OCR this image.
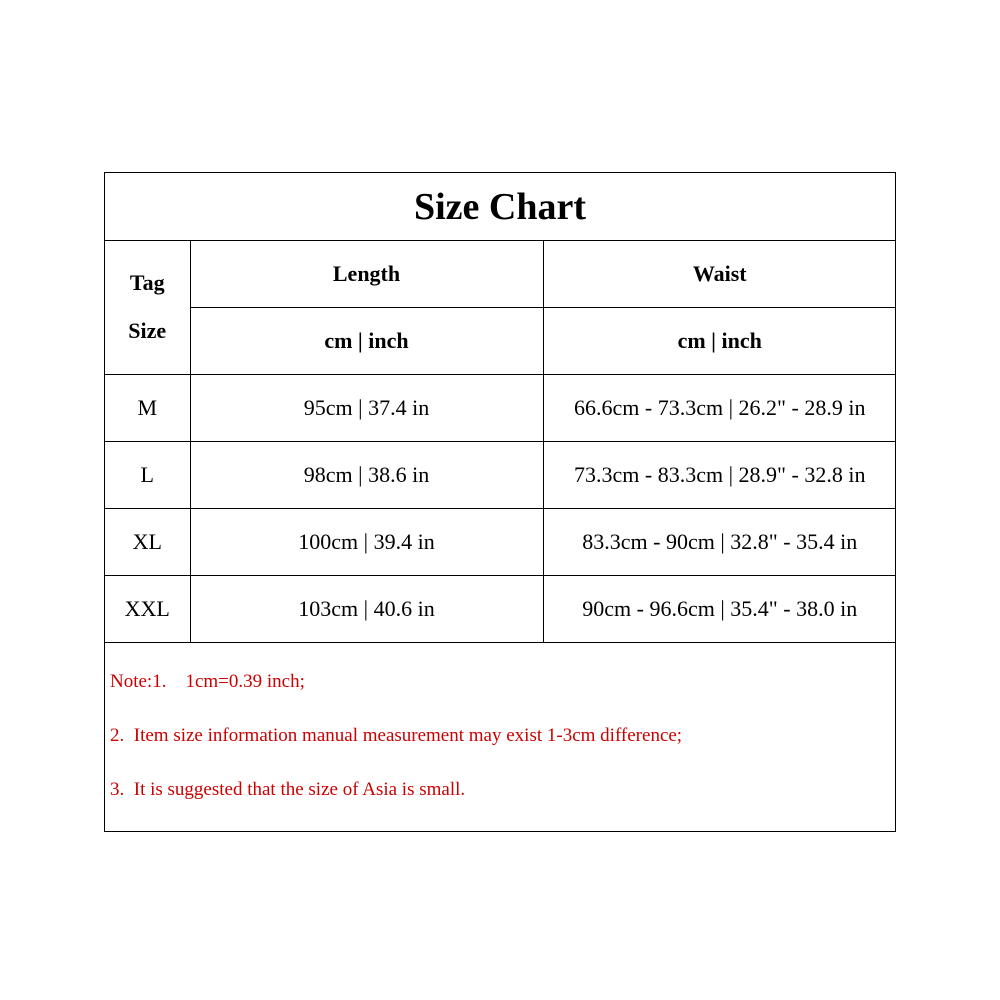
Size Chart
Tag
Size	Length	Waist
	cm | inch	cm | inch
M	95cm | 37.4 in	66.6cm - 73.3cm | 26.2" - 28.9 in
L	98cm | 38.6 in	73.3cm - 83.3cm | 28.9" - 32.8 in
XL	100cm | 39.4 in	83.3cm - 90cm | 32.8" - 35.4 in
XXL	103cm | 40.6 in	90cm - 96.6cm | 35.4" - 38.0 in
Note:1.    1cm=0.39 inch;
2.  Item size information manual measurement may exist 1-3cm difference;
3.  It is suggested that the size of Asia is small.
